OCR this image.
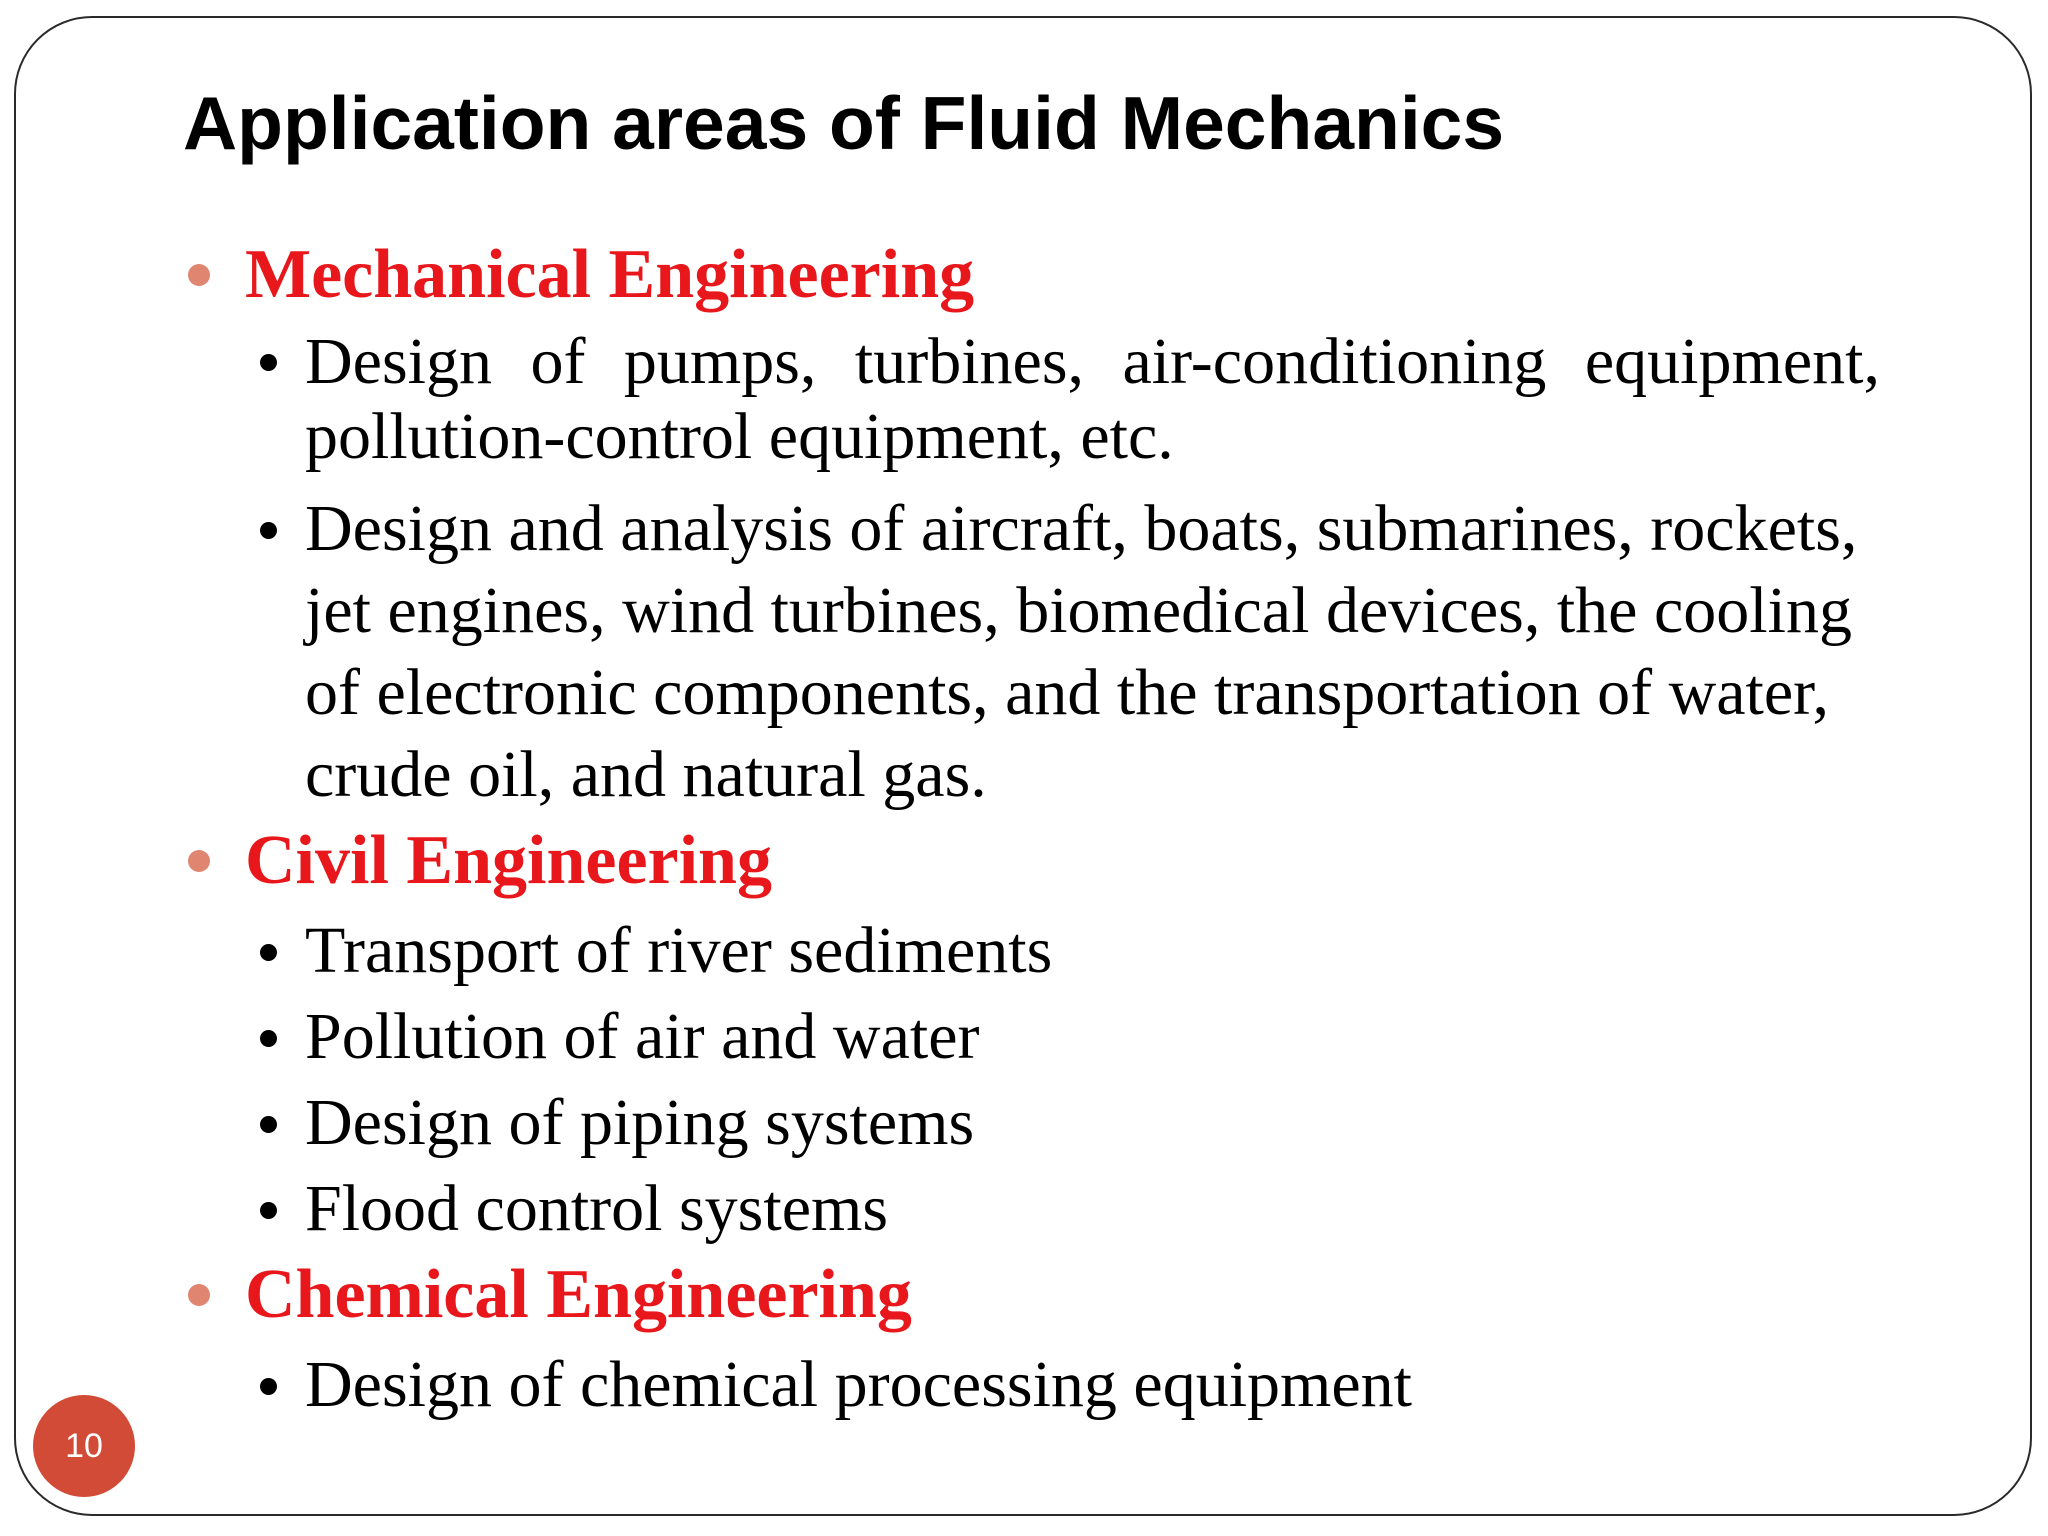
Application areas of Fluid Mechanics
Mechanical Engineering
Design of pumps, turbines, air-conditioning equipment, pollution-control equipment, etc.
Design and analysis of aircraft, boats, submarines, rockets, jet engines, wind turbines, biomedical devices, the cooling of electronic components, and the transportation of water, crude oil, and natural gas.
Civil Engineering
Transport of river sediments
Pollution of air and water
Design of piping systems
Flood control systems
Chemical Engineering
Design of chemical processing equipment
10
